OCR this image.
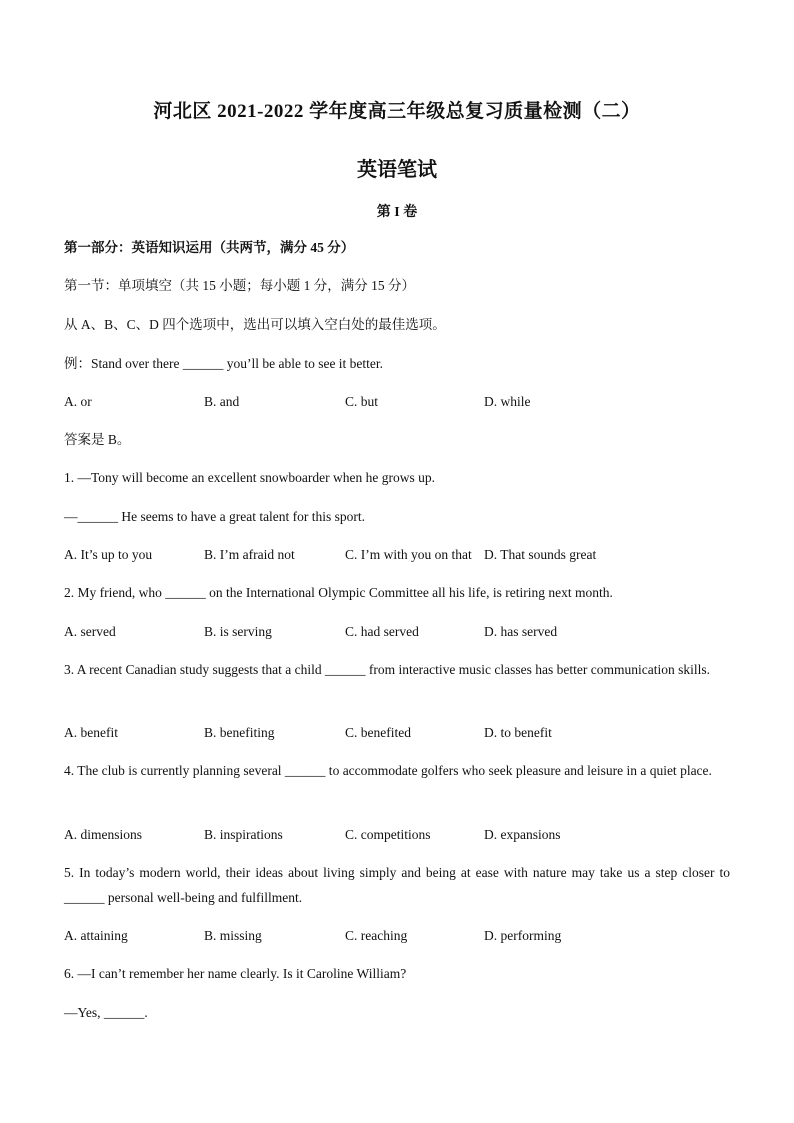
河北区 2021-2022 学年度高三年级总复习质量检测（二）
英语笔试
第 I 卷
第一部分：英语知识运用（共两节，满分 45 分）
第一节：单项填空（共 15 小题；每小题 1 分，满分 15 分）
从 A、B、C、D 四个选项中，选出可以填入空白处的最佳选项。
例：Stand over there ______ you’ll be able to see it better.
A. or	B. and	C. but	D. while
答案是 B。
1. —Tony will become an excellent snowboarder when he grows up.
—______ He seems to have a great talent for this sport.
A. It’s up to you	B. I’m afraid not	C. I’m with you on that D. That sounds great
2. My friend, who ______ on the International Olympic Committee all his life, is retiring next month.
A. served	B. is serving	C. had served	D. has served
3. A recent Canadian study suggests that a child ______ from interactive music classes has better communication skills.
A. benefit	B. benefiting	C. benefited	D. to benefit
4. The club is currently planning several ______ to accommodate golfers who seek pleasure and leisure in a quiet place.
A. dimensions	B. inspirations	C. competitions	D. expansions
5. In today’s modern world, their ideas about living simply and being at ease with nature may take us a step closer to ______ personal well-being and fulfillment.
A. attaining	B. missing	C. reaching	D. performing
6. —I can’t remember her name clearly. Is it Caroline William?
—Yes, ______.
